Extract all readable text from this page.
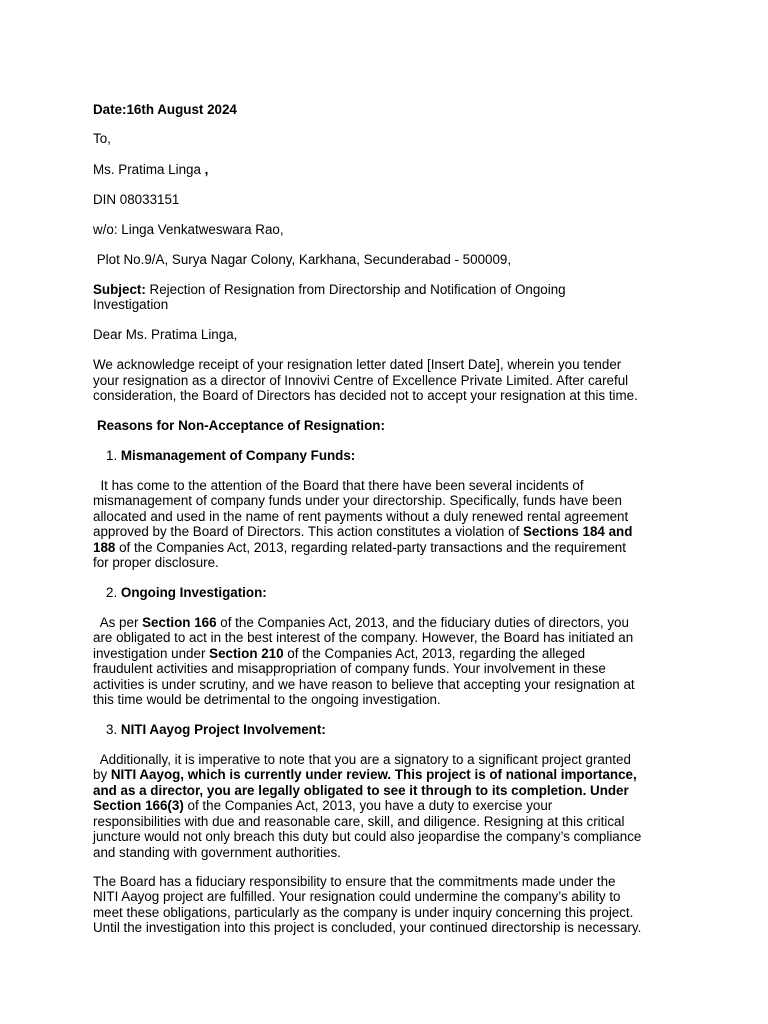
Date:16th August 2024
To,
Ms. Pratima Linga ,
DIN 08033151
w/o: Linga Venkatweswara Rao,
Plot No.9/A, Surya Nagar Colony, Karkhana, Secunderabad - 500009,
Subject: Rejection of Resignation from Directorship and Notification of Ongoing
Investigation
Dear Ms. Pratima Linga,
We acknowledge receipt of your resignation letter dated [Insert Date], wherein you tender
your resignation as a director of Innovivi Centre of Excellence Private Limited. After careful
consideration, the Board of Directors has decided not to accept your resignation at this time.
Reasons for Non-Acceptance of Resignation:
1. Mismanagement of Company Funds:
It has come to the attention of the Board that there have been several incidents of
mismanagement of company funds under your directorship. Specifically, funds have been
allocated and used in the name of rent payments without a duly renewed rental agreement
approved by the Board of Directors. This action constitutes a violation of Sections 184 and
188 of the Companies Act, 2013, regarding related-party transactions and the requirement
for proper disclosure.
2. Ongoing Investigation:
As per Section 166 of the Companies Act, 2013, and the fiduciary duties of directors, you
are obligated to act in the best interest of the company. However, the Board has initiated an
investigation under Section 210 of the Companies Act, 2013, regarding the alleged
fraudulent activities and misappropriation of company funds. Your involvement in these
activities is under scrutiny, and we have reason to believe that accepting your resignation at
this time would be detrimental to the ongoing investigation.
3. NITI Aayog Project Involvement:
Additionally, it is imperative to note that you are a signatory to a significant project granted
by NITI Aayog, which is currently under review. This project is of national importance,
and as a director, you are legally obligated to see it through to its completion. Under
Section 166(3) of the Companies Act, 2013, you have a duty to exercise your
responsibilities with due and reasonable care, skill, and diligence. Resigning at this critical
juncture would not only breach this duty but could also jeopardise the company’s compliance
and standing with government authorities.
The Board has a fiduciary responsibility to ensure that the commitments made under the
NITI Aayog project are fulfilled. Your resignation could undermine the company’s ability to
meet these obligations, particularly as the company is under inquiry concerning this project.
Until the investigation into this project is concluded, your continued directorship is necessary.
